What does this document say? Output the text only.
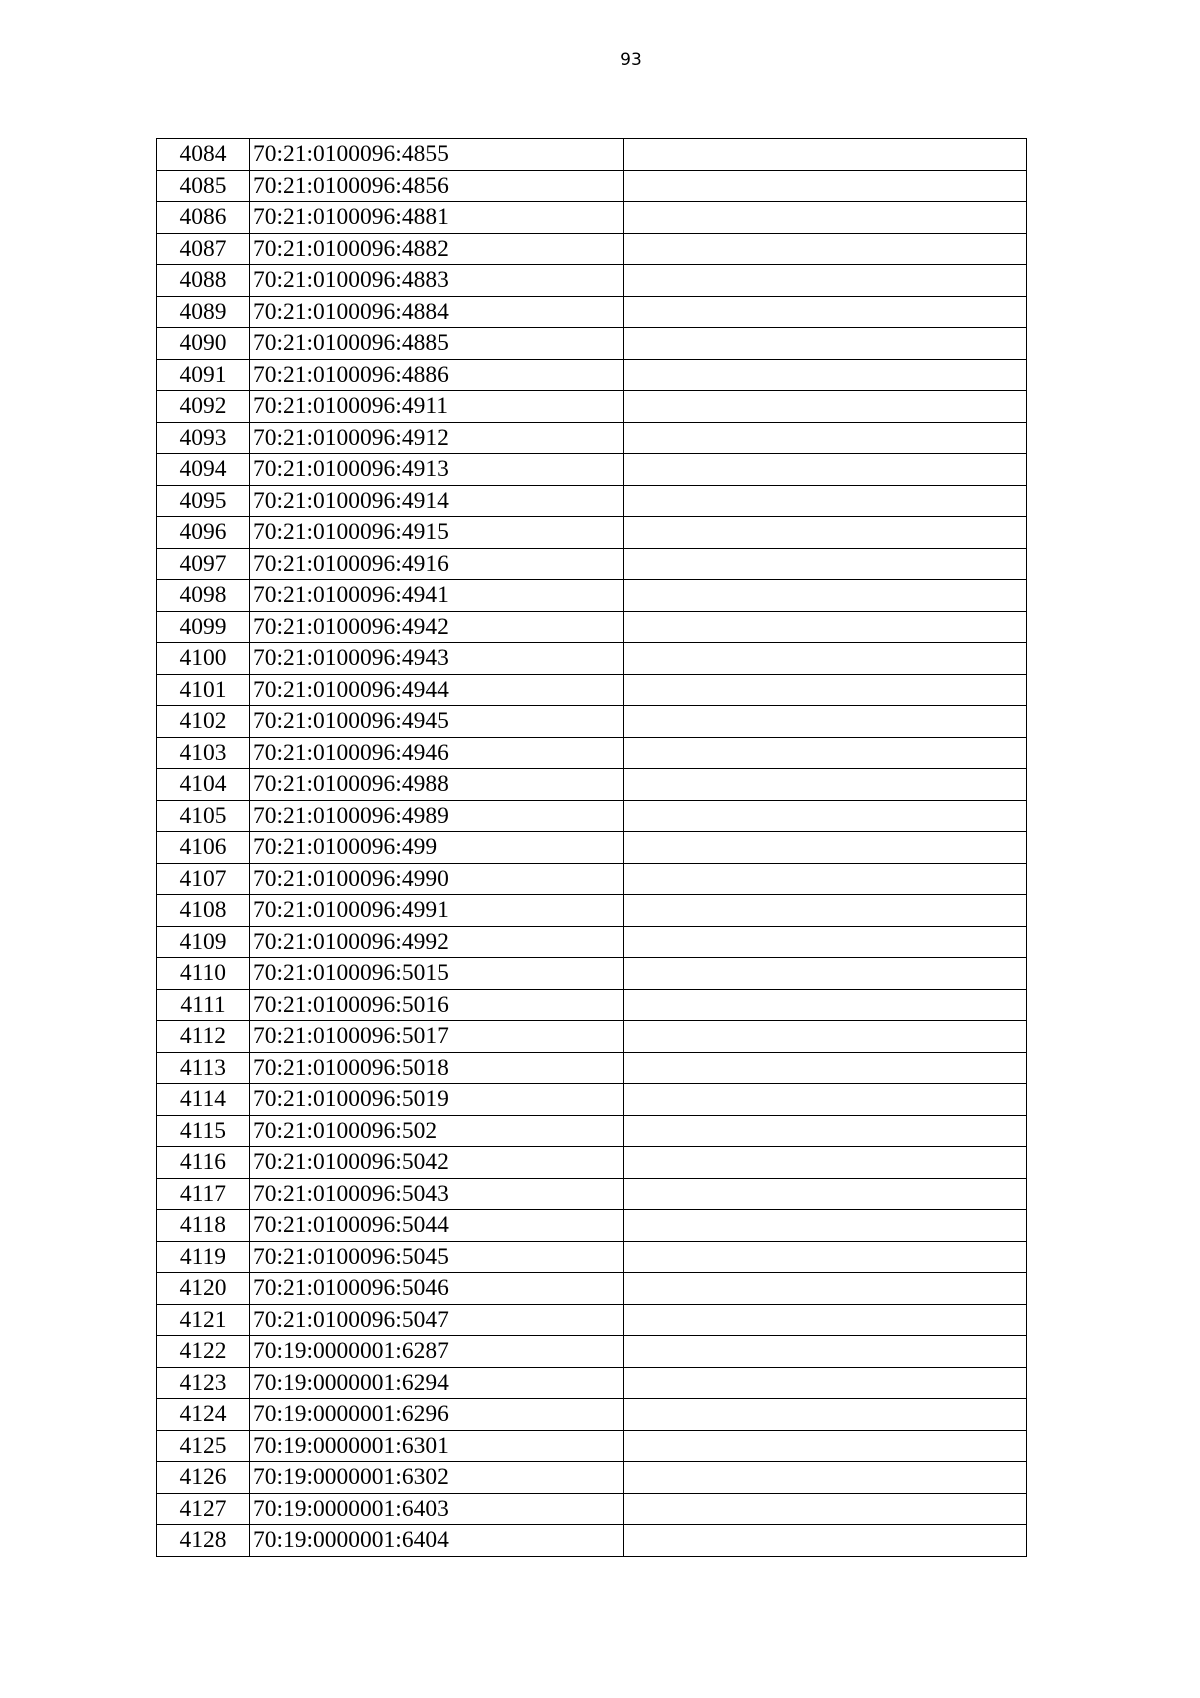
93
4084	70:21:0100096:4855		
4085	70:21:0100096:4856		
4086	70:21:0100096:4881		
4087	70:21:0100096:4882		
4088	70:21:0100096:4883		
4089	70:21:0100096:4884		
4090	70:21:0100096:4885		
4091	70:21:0100096:4886		
4092	70:21:0100096:4911		
4093	70:21:0100096:4912		
4094	70:21:0100096:4913		
4095	70:21:0100096:4914		
4096	70:21:0100096:4915		
4097	70:21:0100096:4916		
4098	70:21:0100096:4941		
4099	70:21:0100096:4942		
4100	70:21:0100096:4943		
4101	70:21:0100096:4944		
4102	70:21:0100096:4945		
4103	70:21:0100096:4946		
4104	70:21:0100096:4988		
4105	70:21:0100096:4989		
4106	70:21:0100096:499		
4107	70:21:0100096:4990		
4108	70:21:0100096:4991		
4109	70:21:0100096:4992		
4110	70:21:0100096:5015		
4111	70:21:0100096:5016		
4112	70:21:0100096:5017		
4113	70:21:0100096:5018		
4114	70:21:0100096:5019		
4115	70:21:0100096:502		
4116	70:21:0100096:5042		
4117	70:21:0100096:5043		
4118	70:21:0100096:5044		
4119	70:21:0100096:5045		
4120	70:21:0100096:5046		
4121	70:21:0100096:5047		
4122	70:19:0000001:6287		
4123	70:19:0000001:6294		
4124	70:19:0000001:6296		
4125	70:19:0000001:6301		
4126	70:19:0000001:6302		
4127	70:19:0000001:6403		
4128	70:19:0000001:6404		
